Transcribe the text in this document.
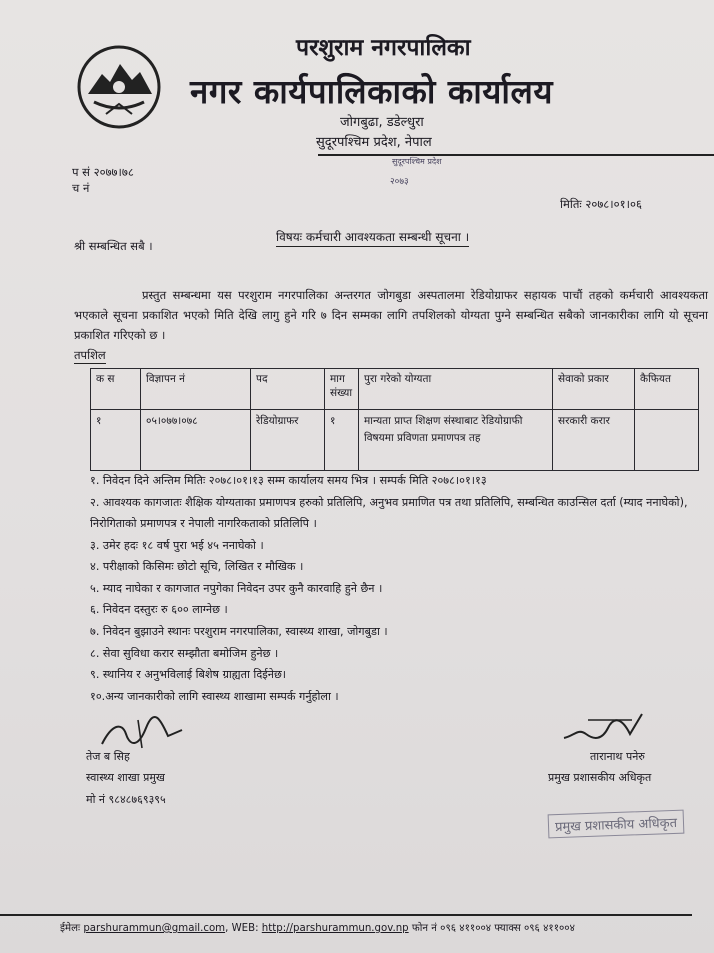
परशुराम नगरपालिका
नगर कार्यपालिकाको कार्यालय
जोगबुढा, डडेल्धुरा
सुदूरपश्चिम प्रदेश, नेपाल
सुदूरपश्चिम प्रदेश
२०७३
प सं २०७७।७८
च नं
मितिः २०७८।०१।०६
श्री सम्बन्धित सबै ।
विषयः कर्मचारी आवश्यकता सम्बन्धी सूचना ।
प्रस्तुत सम्बन्धमा यस परशुराम नगरपालिका अन्तरगत जोगबुडा अस्पतालमा रेडियोग्राफर सहायक पाचौं तहको कर्मचारी आवश्यकता भएकाले सूचना प्रकाशित भएको मिति देखि लागु हुने गरि ७ दिन सम्मका लागि तपशिलको योग्यता पुग्ने सम्बन्धित सबैको जानकारीका लागि यो सूचना प्रकाशित गरिएको छ ।
तपशिल
क स	विज्ञापन नं	पद	माग संख्या	पुरा गरेको योग्यता	सेवाको प्रकार	कैफियत
१	०५।०७७।०७८	रेडियोग्राफर	१	मान्यता प्राप्त शिक्षण संस्थाबाट रेडियोग्राफी विषयमा प्रविणता प्रमाणपत्र तह	सरकारी करार	
१. निवेदन दिने अन्तिम मितिः २०७८।०१।१३ सम्म कार्यालय समय भित्र । सम्पर्क मिति २०७८।०१।१३
२. आवश्यक कागजातः शैक्षिक योग्यताका प्रमाणपत्र हरुको प्रतिलिपि, अनुभव प्रमाणित पत्र तथा प्रतिलिपि, सम्बन्धित काउन्सिल दर्ता (म्याद ननाघेको), निरोगिताको प्रमाणपत्र र नेपाली नागरिकताको प्रतिलिपि ।
३. उमेर हदः १८ वर्ष पुरा भई ४५ ननाघेको ।
४. परीक्षाको किसिमः छोटो सूचि, लिखित र मौखिक ।
५. म्याद नाघेका र कागजात नपुगेका निवेदन उपर कुनै कारवाहि हुने छैन ।
६. निवेदन दस्तुरः रु ६०० लाग्नेछ ।
७. निवेदन बुझाउने स्थानः परशुराम नगरपालिका, स्वास्थ्य शाखा, जोगबुडा ।
८. सेवा सुविधा करार सम्झौता बमोजिम हुनेछ ।
९. स्थानिय र अनुभविलाई बिशेष ग्राह्यता दिईनेछ।
१०.अन्य जानकारीको लागि स्वास्थ्य शाखामा सम्पर्क गर्नुहोला ।
तेज ब सिह
स्वास्थ्य शाखा प्रमुख
मो नं ९८४८७६९३९५
तारानाथ पनेरु
प्रमुख प्रशासकीय अधिकृत
प्रमुख प्रशासकीय अधिकृत
ईमेलः parshurammun@gmail.com, WEB: http://parshurammun.gov.np फोन नं ०९६ ४११००४ फ्याक्स ०९६ ४११००४
